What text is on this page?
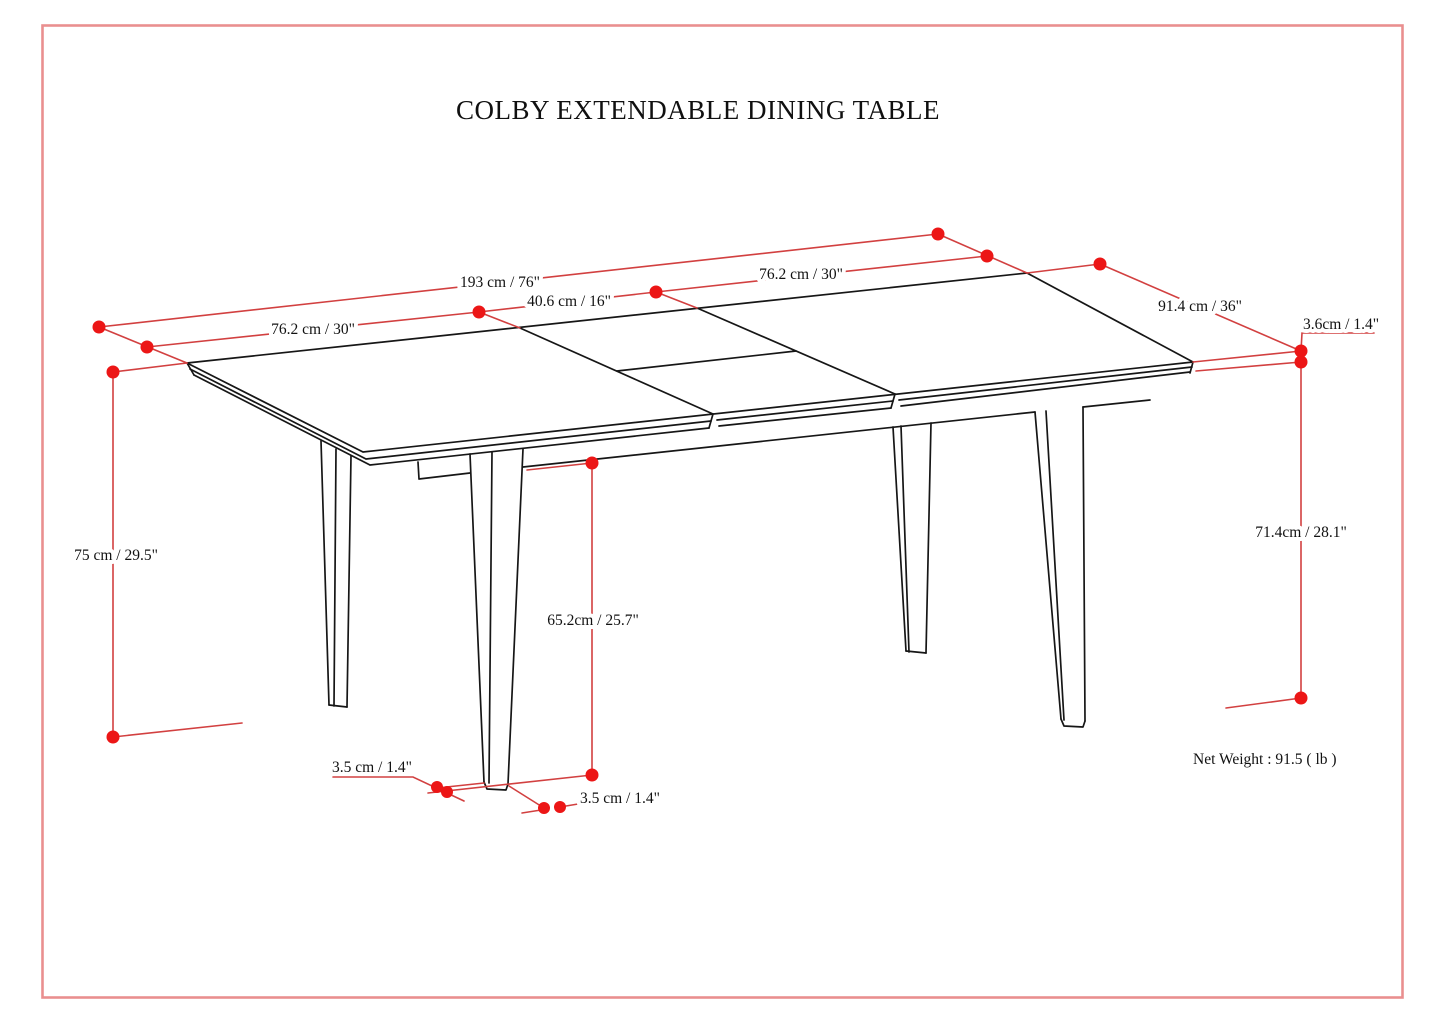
COLBY EXTENDABLE DINING TABLE
193 cm / 76"
76.2 cm / 30"
40.6 cm / 16"
76.2 cm / 30"
91.4 cm / 36"
3.6cm / 1.4"
75 cm / 29.5"
71.4cm / 28.1"
65.2cm / 25.7"
3.5 cm / 1.4"
3.5 cm / 1.4"
Net Weight : 91.5 ( lb )
